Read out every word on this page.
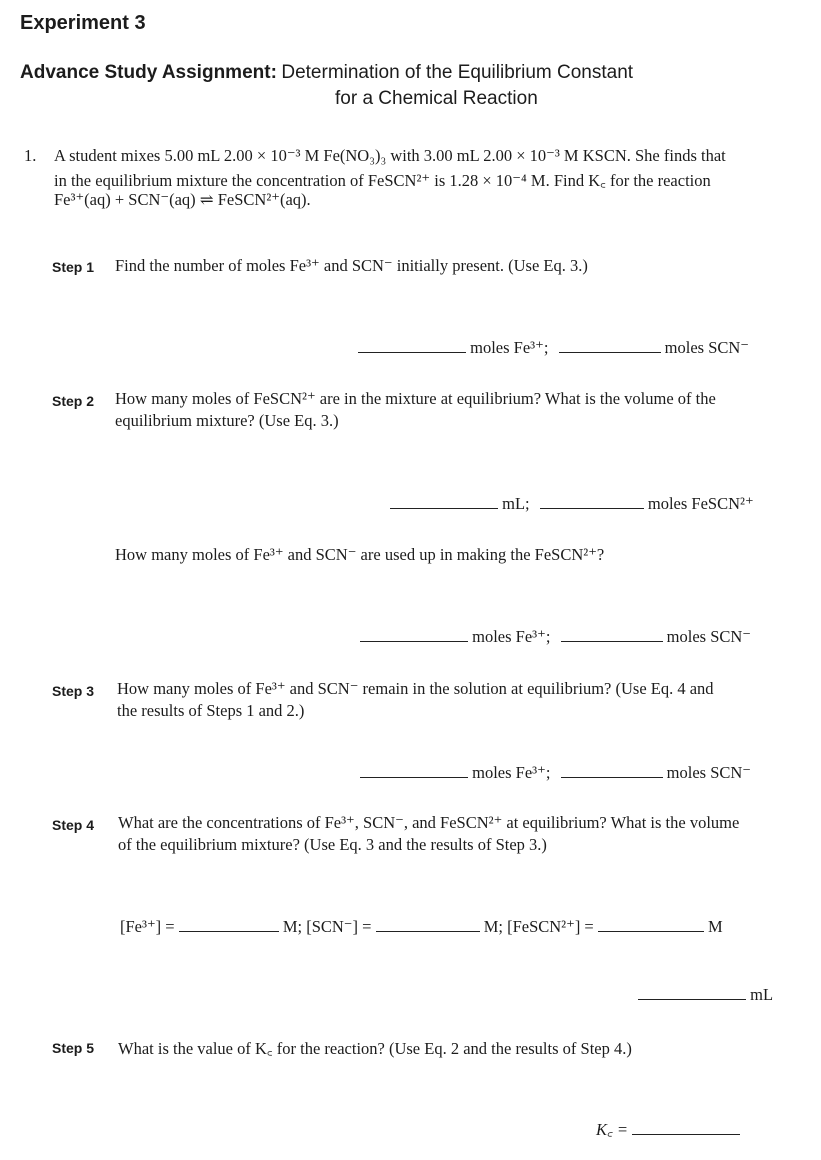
Experiment 3
Advance Study Assignment: Determination of the Equilibrium Constant
for a Chemical Reaction
1. A student mixes 5.00 mL 2.00 × 10⁻³ M Fe(NO₃)₃ with 3.00 mL 2.00 × 10⁻³ M KSCN. She finds that
in the equilibrium mixture the concentration of FeSCN²⁺ is 1.28 × 10⁻⁴ M. Find K꜀ for the reaction
Fe³⁺(aq) + SCN⁻(aq) ⇌ FeSCN²⁺(aq).
Step 1 Find the number of moles Fe³⁺ and SCN⁻ initially present. (Use Eq. 3.)
moles Fe³⁺;	moles SCN⁻
Step 2 How many moles of FeSCN²⁺ are in the mixture at equilibrium? What is the volume of the
equilibrium mixture? (Use Eq. 3.)
mL;	moles FeSCN²⁺
How many moles of Fe³⁺ and SCN⁻ are used up in making the FeSCN²⁺?
moles Fe³⁺;	moles SCN⁻
Step 3 How many moles of Fe³⁺ and SCN⁻ remain in the solution at equilibrium? (Use Eq. 4 and
the results of Steps 1 and 2.)
moles Fe³⁺;	moles SCN⁻
Step 4 What are the concentrations of Fe³⁺, SCN⁻, and FeSCN²⁺ at equilibrium? What is the volume
of the equilibrium mixture? (Use Eq. 3 and the results of Step 3.)
[Fe³⁺] =	M; [SCN⁻] =	M; [FeSCN²⁺] =	M
mL
Step 5 What is the value of K꜀ for the reaction? (Use Eq. 2 and the results of Step 4.)
K꜀ =
